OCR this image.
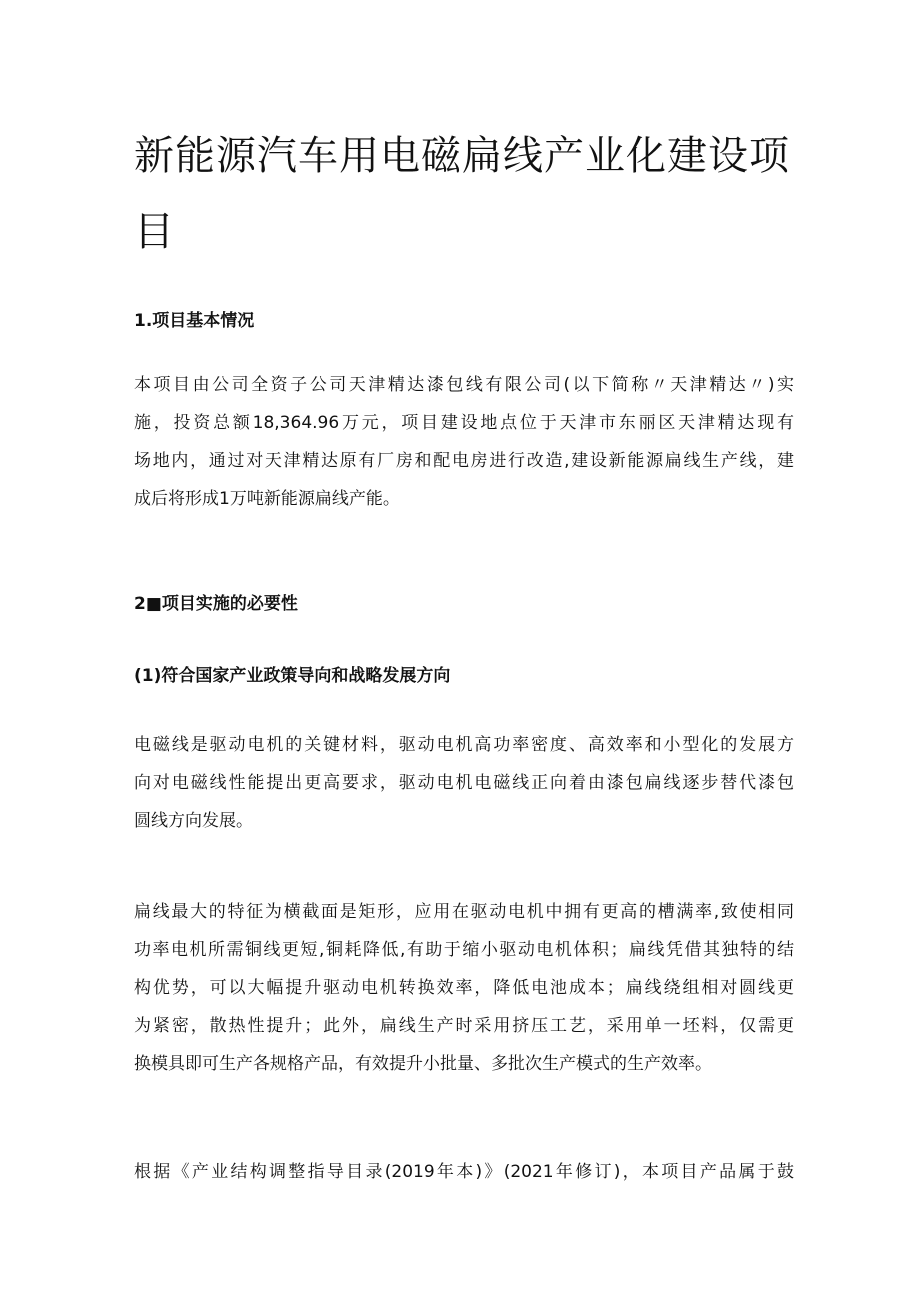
新能源汽车用电磁扁线产业化建设项目
1.项目基本情况

本项目由公司全资子公司天津精达漆包线有限公司(以下简称〃天津精达〃)实
施，投资总额18,364.96万元，项目建设地点位于天津市东丽区天津精达现有
场地内，通过对天津精达原有厂房和配电房进行改造,建设新能源扁线生产线，建
成后将形成1万吨新能源扁线产能。

2■项目实施的必要性
(1)符合国家产业政策导向和战略发展方向

电磁线是驱动电机的关键材料，驱动电机高功率密度、高效率和小型化的发展方
向对电磁线性能提出更高要求，驱动电机电磁线正向着由漆包扁线逐步替代漆包
圆线方向发展。

扁线最大的特征为横截面是矩形，应用在驱动电机中拥有更高的槽满率,致使相同
功率电机所需铜线更短,铜耗降低,有助于缩小驱动电机体积；扁线凭借其独特的结
构优势，可以大幅提升驱动电机转换效率，降低电池成本；扁线绕组相对圆线更
为紧密，散热性提升；此外，扁线生产时采用挤压工艺，采用单一坯料，仅需更
换模具即可生产各规格产品，有效提升小批量、多批次生产模式的生产效率。

根据《产业结构调整指导目录(2019年本)》(2021年修订)，本项目产品属于鼓
